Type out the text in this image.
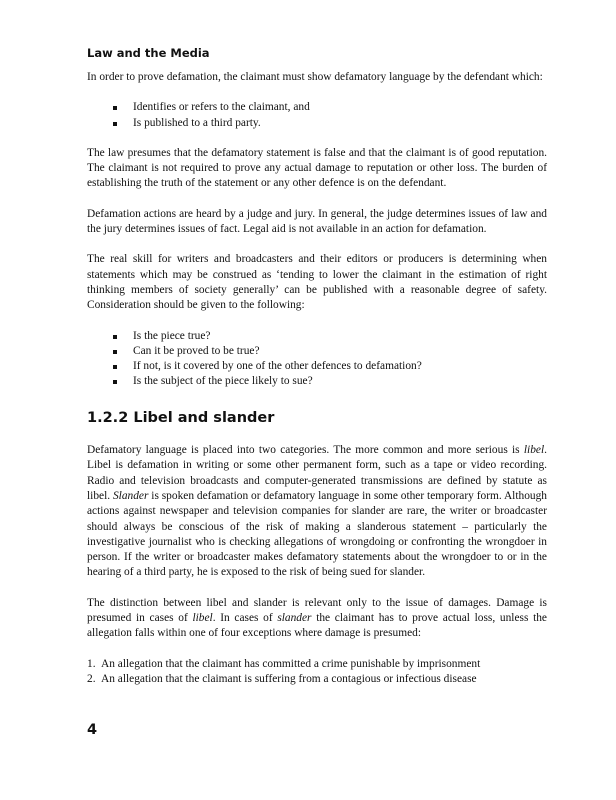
Law and the Media

In order to prove defamation, the claimant must show defamatory language by the defendant which:

Identifies or refers to the claimant, and
Is published to a third party.

The law presumes that the defamatory statement is false and that the claimant is of good reputation. The claimant is not required to prove any actual damage to reputation or other loss. The burden of establishing the truth of the statement or any other defence is on the defendant.

Defamation actions are heard by a judge and jury. In general, the judge determines issues of law and the jury determines issues of fact. Legal aid is not available in an action for defamation.

The real skill for writers and broadcasters and their editors or producers is determining when statements which may be construed as ‘tending to lower the claimant in the estimation of right thinking members of society generally’ can be published with a reasonable degree of safety. Consideration should be given to the following:

Is the piece true?
Can it be proved to be true?
If not, is it covered by one of the other defences to defamation?
Is the subject of the piece likely to sue?
1.2.2 Libel and slander

Defamatory language is placed into two categories. The more common and more serious is libel. Libel is defamation in writing or some other permanent form, such as a tape or video recording. Radio and television broadcasts and computer-generated transmissions are defined by statute as libel. Slander is spoken defamation or defamatory language in some other temporary form. Although actions against newspaper and television companies for slander are rare, the writer or broadcaster should always be conscious of the risk of making a slanderous statement – particularly the investigative journalist who is checking allegations of wrongdoing or confronting the wrongdoer in person. If the writer or broadcaster makes defamatory statements about the wrongdoer to or in the hearing of a third party, he is exposed to the risk of being sued for slander.

The distinction between libel and slander is relevant only to the issue of damages. Damage is presumed in cases of libel. In cases of slander the claimant has to prove actual loss, unless the allegation falls within one of four exceptions where damage is presumed:

1. An allegation that the claimant has committed a crime punishable by imprisonment
2. An allegation that the claimant is suffering from a contagious or infectious disease
4
